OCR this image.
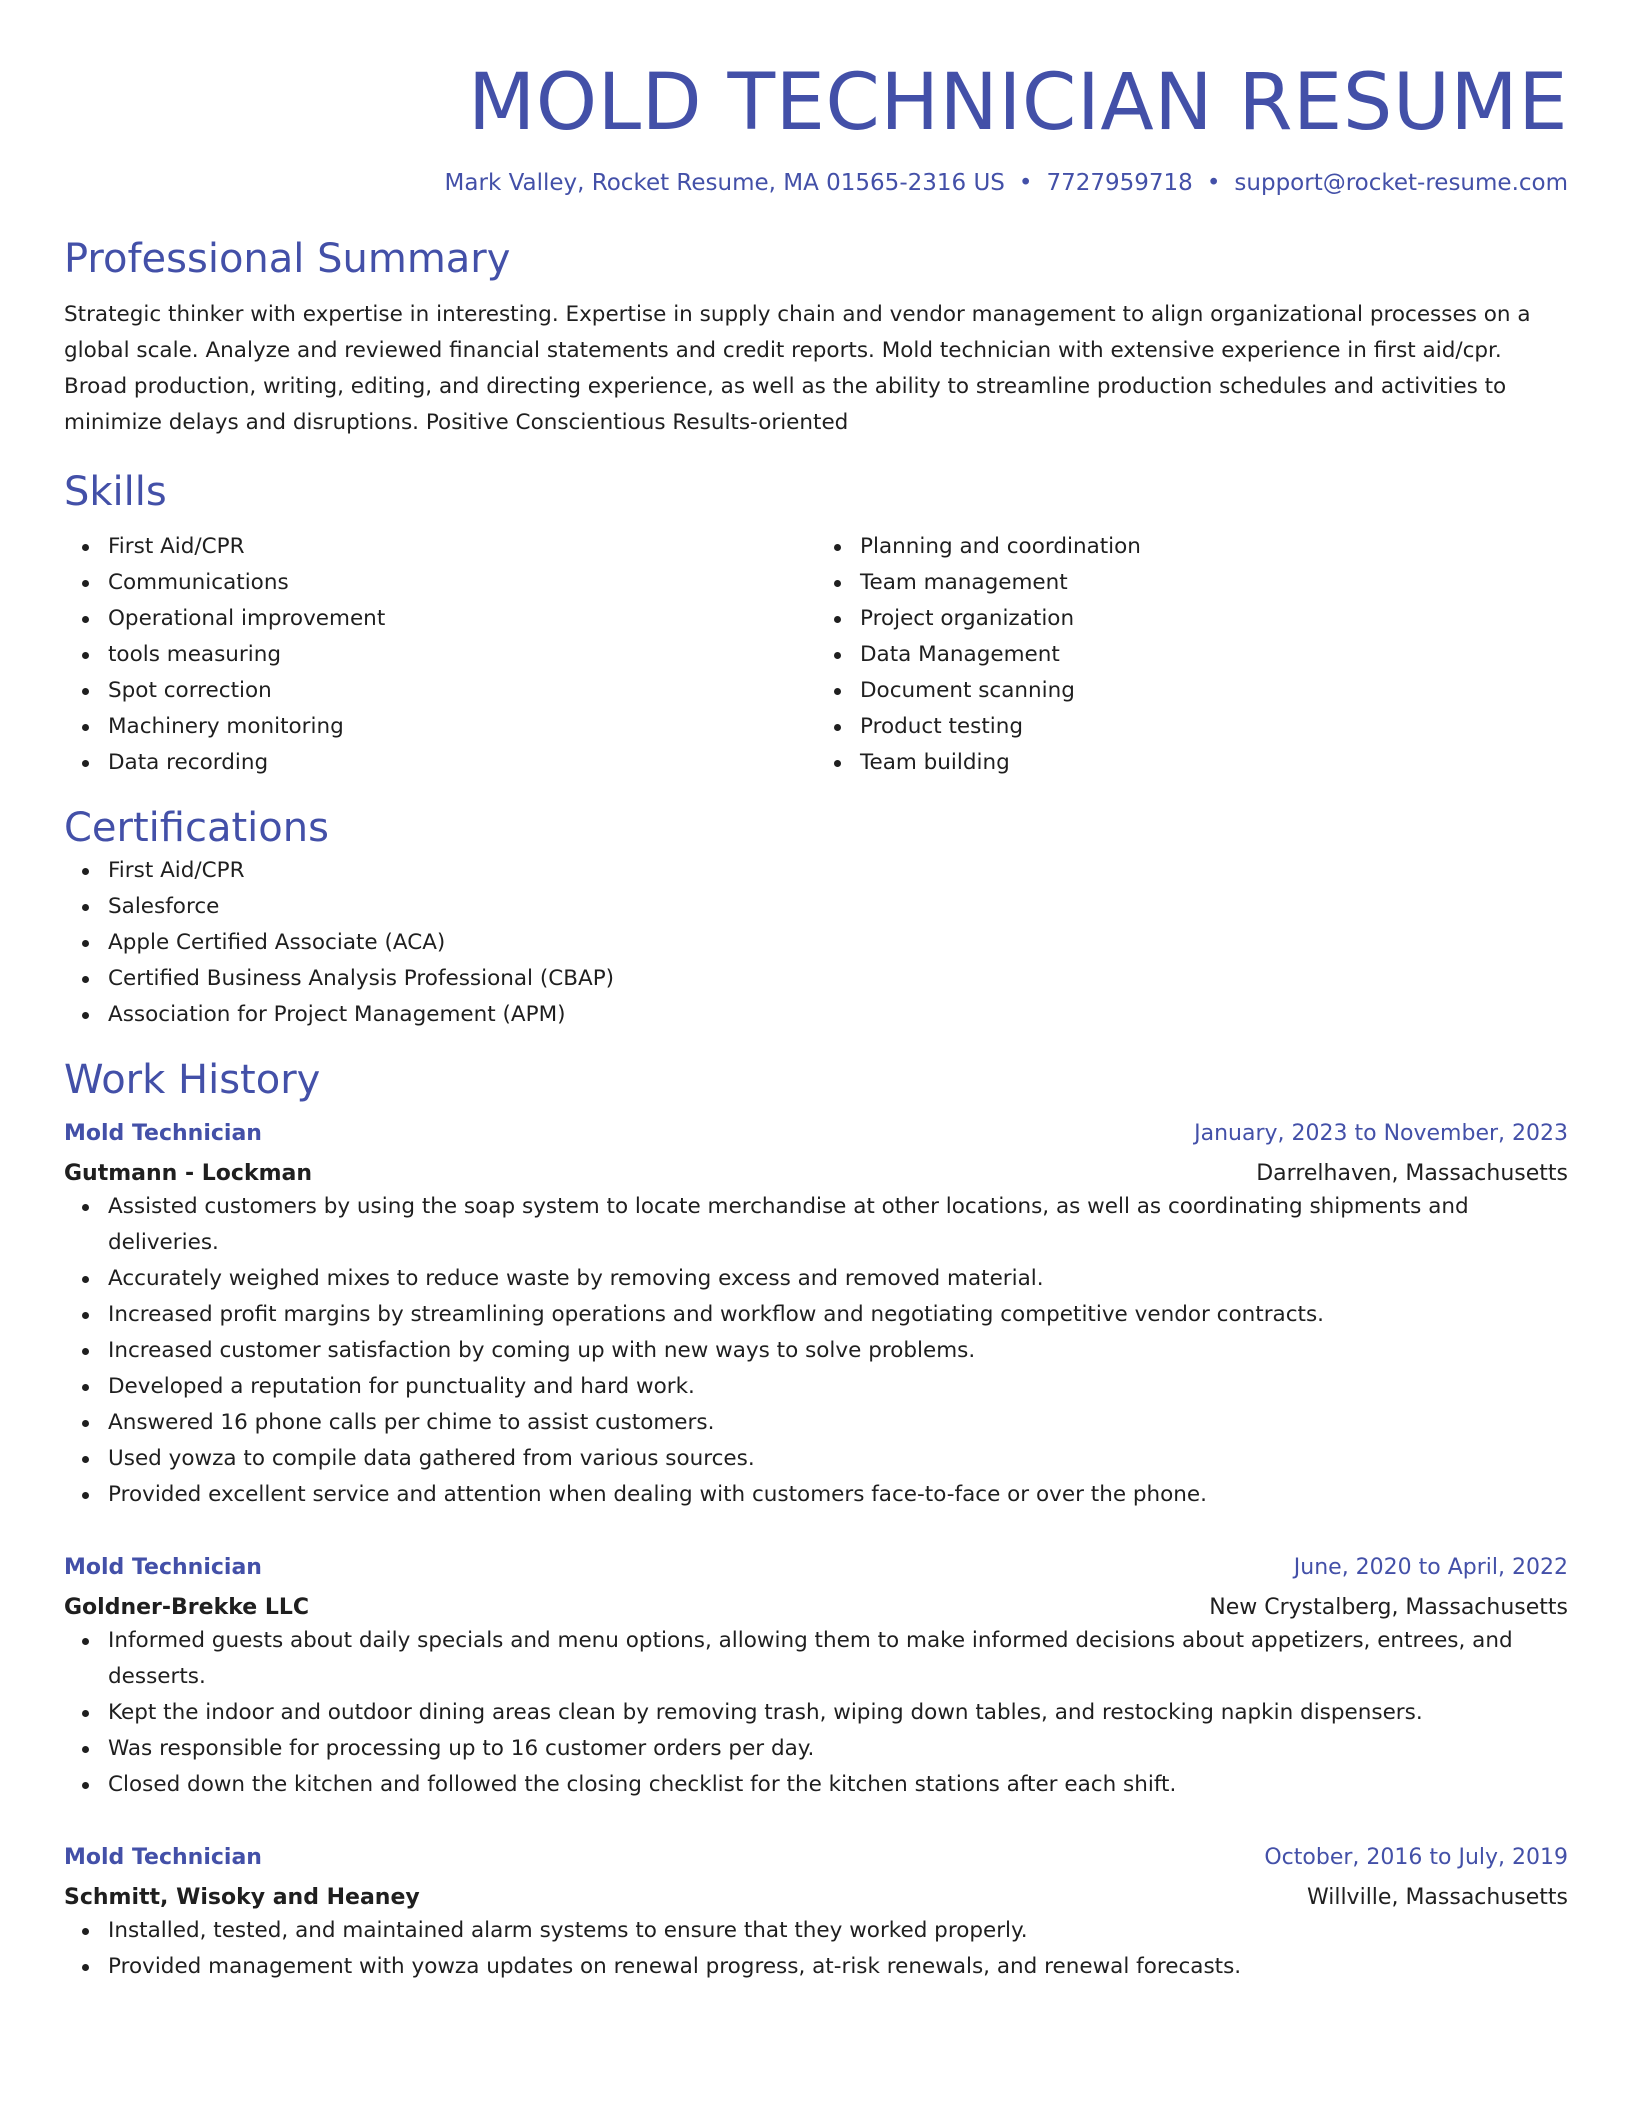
MOLD TECHNICIAN RESUME
Mark Valley, Rocket Resume, MA 01565-2316 US • 7727959718 • support@rocket-resume.com
Professional Summary
Strategic thinker with expertise in interesting. Expertise in supply chain and vendor management to align organizational processes on a global scale. Analyze and reviewed financial statements and credit reports. Mold technician with extensive experience in first aid/cpr. Broad production, writing, editing, and directing experience, as well as the ability to streamline production schedules and activities to minimize delays and disruptions. Positive Conscientious Results-oriented
Skills
First Aid/CPR
Communications
Operational improvement
tools measuring
Spot correction
Machinery monitoring
Data recording
Planning and coordination
Team management
Project organization
Data Management
Document scanning
Product testing
Team building
Certifications
First Aid/CPR
Salesforce
Apple Certified Associate (ACA)
Certified Business Analysis Professional (CBAP)
Association for Project Management (APM)
Work History
Mold Technician	January, 2023 to November, 2023
Gutmann - Lockman	Darrelhaven, Massachusetts
Assisted customers by using the soap system to locate merchandise at other locations, as well as coordinating shipments and deliveries.
Accurately weighed mixes to reduce waste by removing excess and removed material.
Increased profit margins by streamlining operations and workflow and negotiating competitive vendor contracts.
Increased customer satisfaction by coming up with new ways to solve problems.
Developed a reputation for punctuality and hard work.
Answered 16 phone calls per chime to assist customers.
Used yowza to compile data gathered from various sources.
Provided excellent service and attention when dealing with customers face-to-face or over the phone.
Mold Technician	June, 2020 to April, 2022
Goldner-Brekke LLC	New Crystalberg, Massachusetts
Informed guests about daily specials and menu options, allowing them to make informed decisions about appetizers, entrees, and desserts.
Kept the indoor and outdoor dining areas clean by removing trash, wiping down tables, and restocking napkin dispensers.
Was responsible for processing up to 16 customer orders per day.
Closed down the kitchen and followed the closing checklist for the kitchen stations after each shift.
Mold Technician	October, 2016 to July, 2019
Schmitt, Wisoky and Heaney	Willville, Massachusetts
Installed, tested, and maintained alarm systems to ensure that they worked properly.
Provided management with yowza updates on renewal progress, at-risk renewals, and renewal forecasts.
